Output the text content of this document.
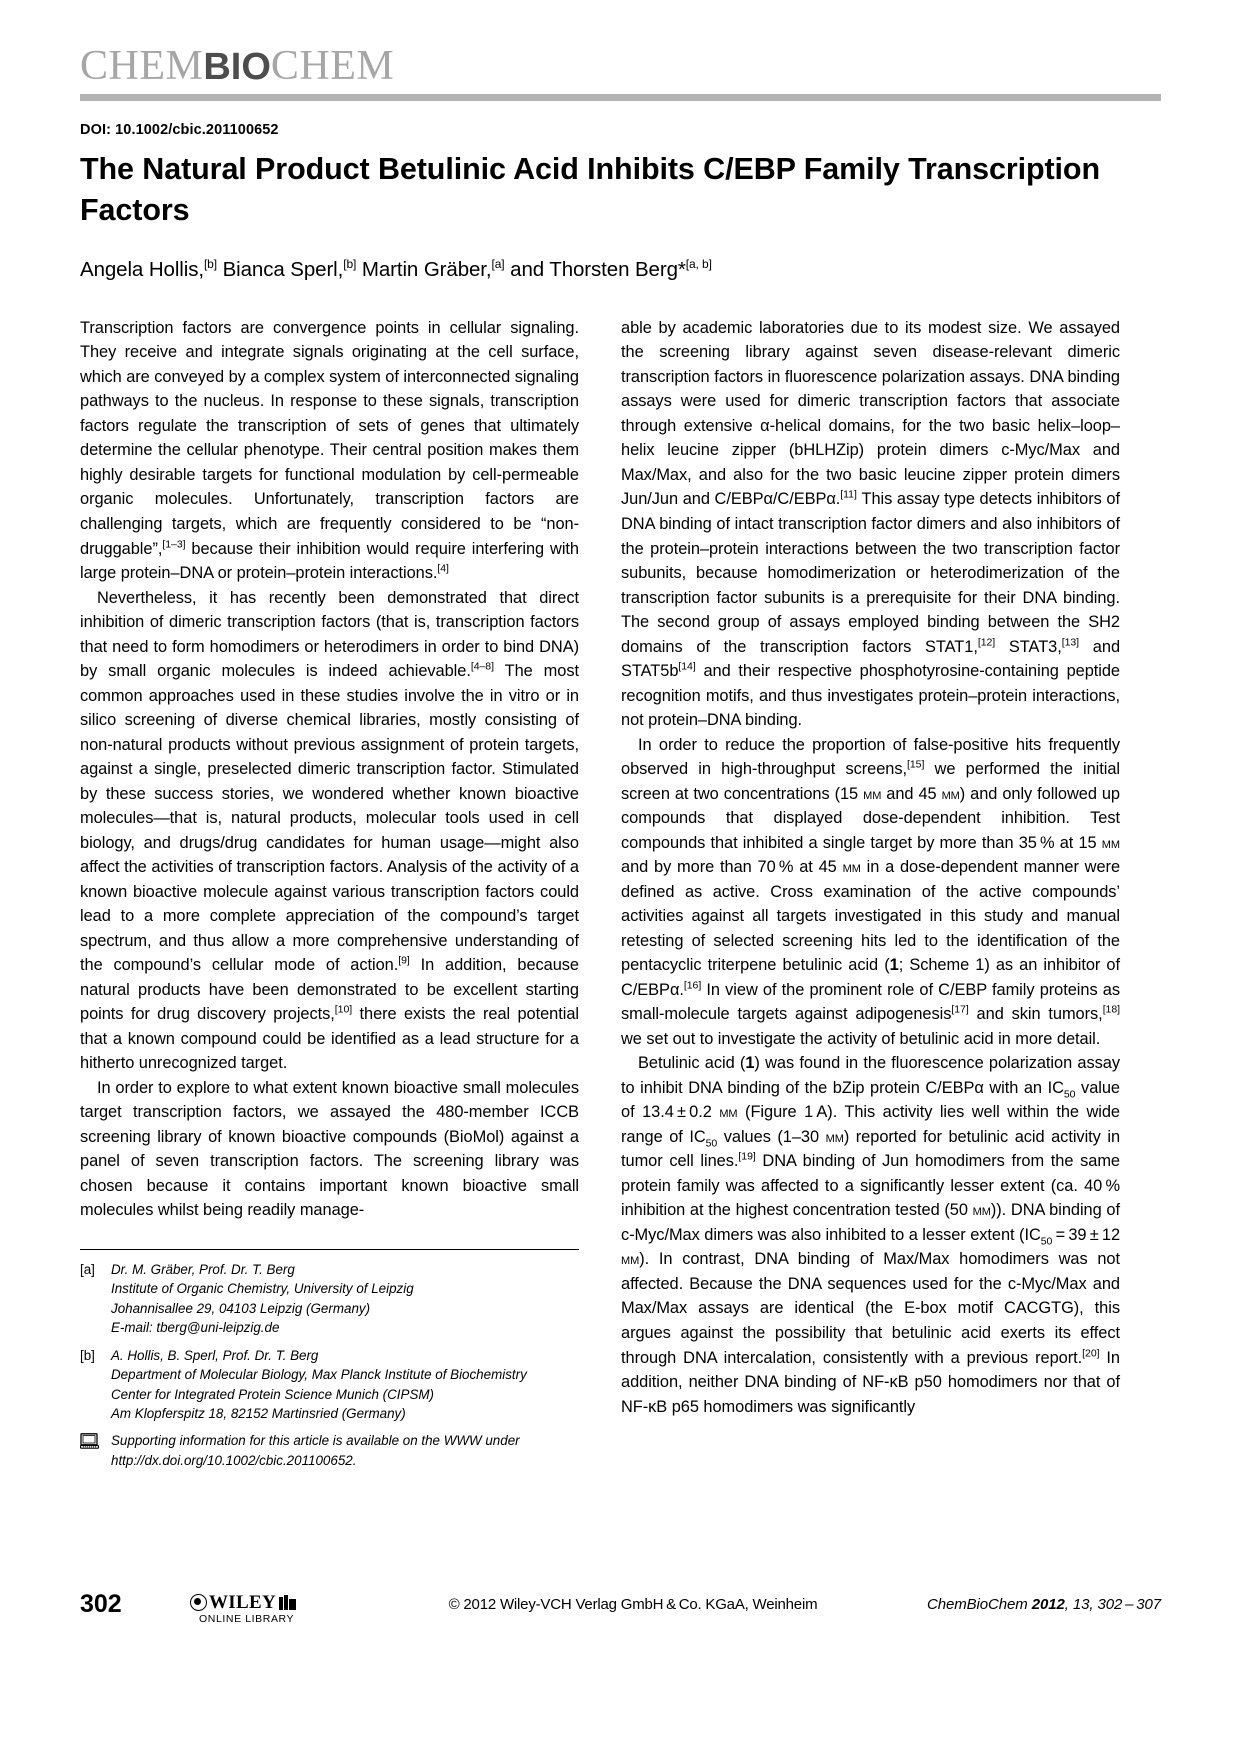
CHEMBIOCHEM
DOI: 10.1002/cbic.201100652
The Natural Product Betulinic Acid Inhibits C/EBP Family Transcription Factors
Angela Hollis,[b] Bianca Sperl,[b] Martin Gräber,[a] and Thorsten Berg*[a, b]

Transcription factors are convergence points in cellular signaling. They receive and integrate signals originating at the cell surface, which are conveyed by a complex system of interconnected signaling pathways to the nucleus. In response to these signals, transcription factors regulate the transcription of sets of genes that ultimately determine the cellular phenotype. Their central position makes them highly desirable targets for functional modulation by cell-permeable organic molecules. Unfortunately, transcription factors are challenging targets, which are frequently considered to be “non-druggable”,[1–3] because their inhibition would require interfering with large protein–DNA or protein–protein interactions.[4]

Nevertheless, it has recently been demonstrated that direct inhibition of dimeric transcription factors (that is, transcription factors that need to form homodimers or heterodimers in order to bind DNA) by small organic molecules is indeed achievable.[4–8] The most common approaches used in these studies involve the in vitro or in silico screening of diverse chemical libraries, mostly consisting of non-natural products without previous assignment of protein targets, against a single, preselected dimeric transcription factor. Stimulated by these success stories, we wondered whether known bioactive molecules—that is, natural products, molecular tools used in cell biology, and drugs/drug candidates for human usage—might also affect the activities of transcription factors. Analysis of the activity of a known bioactive molecule against various transcription factors could lead to a more complete appreciation of the compound’s target spectrum, and thus allow a more comprehensive understanding of the compound’s cellular mode of action.[9] In addition, because natural products have been demonstrated to be excellent starting points for drug discovery projects,[10] there exists the real potential that a known compound could be identified as a lead structure for a hitherto unrecognized target.

In order to explore to what extent known bioactive small molecules target transcription factors, we assayed the 480-member ICCB screening library of known bioactive compounds (BioMol) against a panel of seven transcription factors. The screening library was chosen because it contains important known bioactive small molecules whilst being readily manage-

[a]	Dr. M. Gräber, Prof. Dr. T. Berg
Institute of Organic Chemistry, University of Leipzig
Johannisallee 29, 04103 Leipzig (Germany)
E-mail: tberg@uni-leipzig.de
[b]	A. Hollis, B. Sperl, Prof. Dr. T. Berg
Department of Molecular Biology, Max Planck Institute of Biochemistry
Center for Integrated Protein Science Munich (CIPSM)
Am Klopferspitz 18, 82152 Martinsried (Germany)
Supporting information for this article is available on the WWW under
http://dx.doi.org/10.1002/cbic.201100652.

able by academic laboratories due to its modest size. We assayed the screening library against seven disease-relevant dimeric transcription factors in fluorescence polarization assays. DNA binding assays were used for dimeric transcription factors that associate through extensive α-helical domains, for the two basic helix–loop–helix leucine zipper (bHLHZip) protein dimers c-Myc/Max and Max/Max, and also for the two basic leucine zipper protein dimers Jun/Jun and C/EBPα/C/EBPα.[11] This assay type detects inhibitors of DNA binding of intact transcription factor dimers and also inhibitors of the protein–protein interactions between the two transcription factor subunits, because homodimerization or heterodimerization of the transcription factor subunits is a prerequisite for their DNA binding. The second group of assays employed binding between the SH2 domains of the transcription factors STAT1,[12] STAT3,[13] and STAT5b[14] and their respective phosphotyrosine-containing peptide recognition motifs, and thus investigates protein–protein interactions, not protein–DNA binding.

In order to reduce the proportion of false-positive hits frequently observed in high-throughput screens,[15] we performed the initial screen at two concentrations (15 μm and 45 μm) and only followed up compounds that displayed dose-dependent inhibition. Test compounds that inhibited a single target by more than 35 % at 15 μm and by more than 70 % at 45 μm in a dose-dependent manner were defined as active. Cross examination of the active compounds’ activities against all targets investigated in this study and manual retesting of selected screening hits led to the identification of the pentacyclic triterpene betulinic acid (1; Scheme 1) as an inhibitor of C/EBPα.[16] In view of the prominent role of C/EBP family proteins as small-molecule targets against adipogenesis[17] and skin tumors,[18] we set out to investigate the activity of betulinic acid in more detail.

Betulinic acid (1) was found in the fluorescence polarization assay to inhibit DNA binding of the bZip protein C/EBPα with an $IC_{50}$ value of 13.4 ± 0.2 μm (Figure 1 A). This activity lies well within the wide range of $IC_{50}$ values (1–30 μm) reported for betulinic acid activity in tumor cell lines.[19] DNA binding of Jun homodimers from the same protein family was affected to a significantly lesser extent (ca. 40 % inhibition at the highest concentration tested (50 μm)). DNA binding of c-Myc/Max dimers was also inhibited to a lesser extent ($IC_{50} = 39 \pm 12$ μm). In contrast, DNA binding of Max/Max homodimers was not affected. Because the DNA sequences used for the c-Myc/Max and Max/Max assays are identical (the E-box motif CACGTG), this argues against the possibility that betulinic acid exerts its effect through DNA intercalation, consistently with a previous report.[20] In addition, neither DNA binding of NF-κB p50 homodimers nor that of NF-κB p65 homodimers was significantly

302	WILEY
ONLINE LIBRARY
© 2012 Wiley-VCH Verlag GmbH & Co. KGaA, Weinheim	ChemBioChem 2012, 13, 302 – 307
